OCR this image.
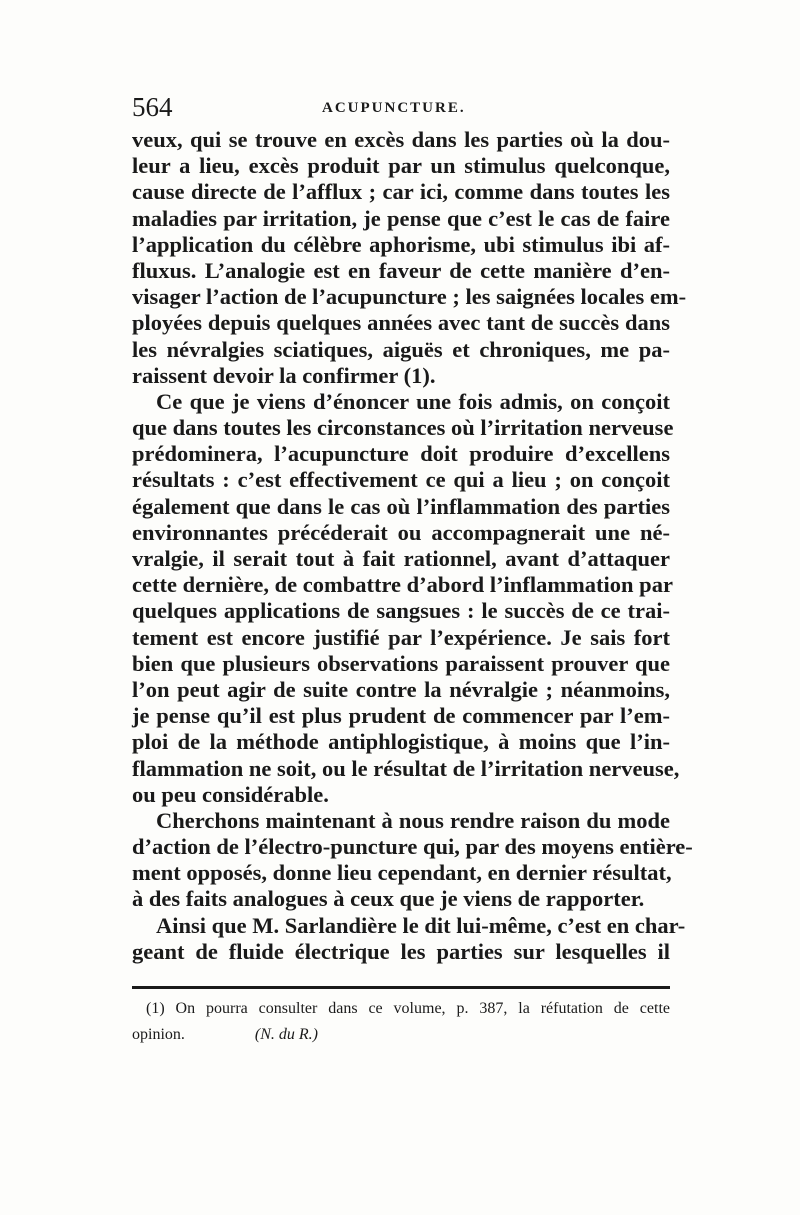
564	ACUPUNCTURE.
veux, qui se trouve en excès dans les parties où la dou-
leur a lieu, excès produit par un stimulus quelconque,
cause directe de l’afflux ; car ici, comme dans toutes les
maladies par irritation, je pense que c’est le cas de faire
l’application du célèbre aphorisme, ubi stimulus ibi af-
fluxus. L’analogie est en faveur de cette manière d’en-
visager l’action de l’acupuncture ; les saignées locales em-
ployées depuis quelques années avec tant de succès dans
les névralgies sciatiques, aiguës et chroniques, me pa-
raissent devoir la confirmer (1).
Ce que je viens d’énoncer une fois admis, on conçoit
que dans toutes les circonstances où l’irritation nerveuse
prédominera, l’acupuncture doit produire d’excellens
résultats : c’est effectivement ce qui a lieu ; on conçoit
également que dans le cas où l’inflammation des parties
environnantes précéderait ou accompagnerait une né-
vralgie, il serait tout à fait rationnel, avant d’attaquer
cette dernière, de combattre d’abord l’inflammation par
quelques applications de sangsues : le succès de ce trai-
tement est encore justifié par l’expérience. Je sais fort
bien que plusieurs observations paraissent prouver que
l’on peut agir de suite contre la névralgie ; néanmoins,
je pense qu’il est plus prudent de commencer par l’em-
ploi de la méthode antiphlogistique, à moins que l’in-
flammation ne soit, ou le résultat de l’irritation nerveuse,
ou peu considérable.
Cherchons maintenant à nous rendre raison du mode
d’action de l’électro-puncture qui, par des moyens entière-
ment opposés, donne lieu cependant, en dernier résultat,
à des faits analogues à ceux que je viens de rapporter.
Ainsi que M. Sarlandière le dit lui-même, c’est en char-
geant de fluide électrique les parties sur lesquelles il
(1) On pourra consulter dans ce volume, p. 387, la réfutation de cette
opinion.	(N. du R.)
